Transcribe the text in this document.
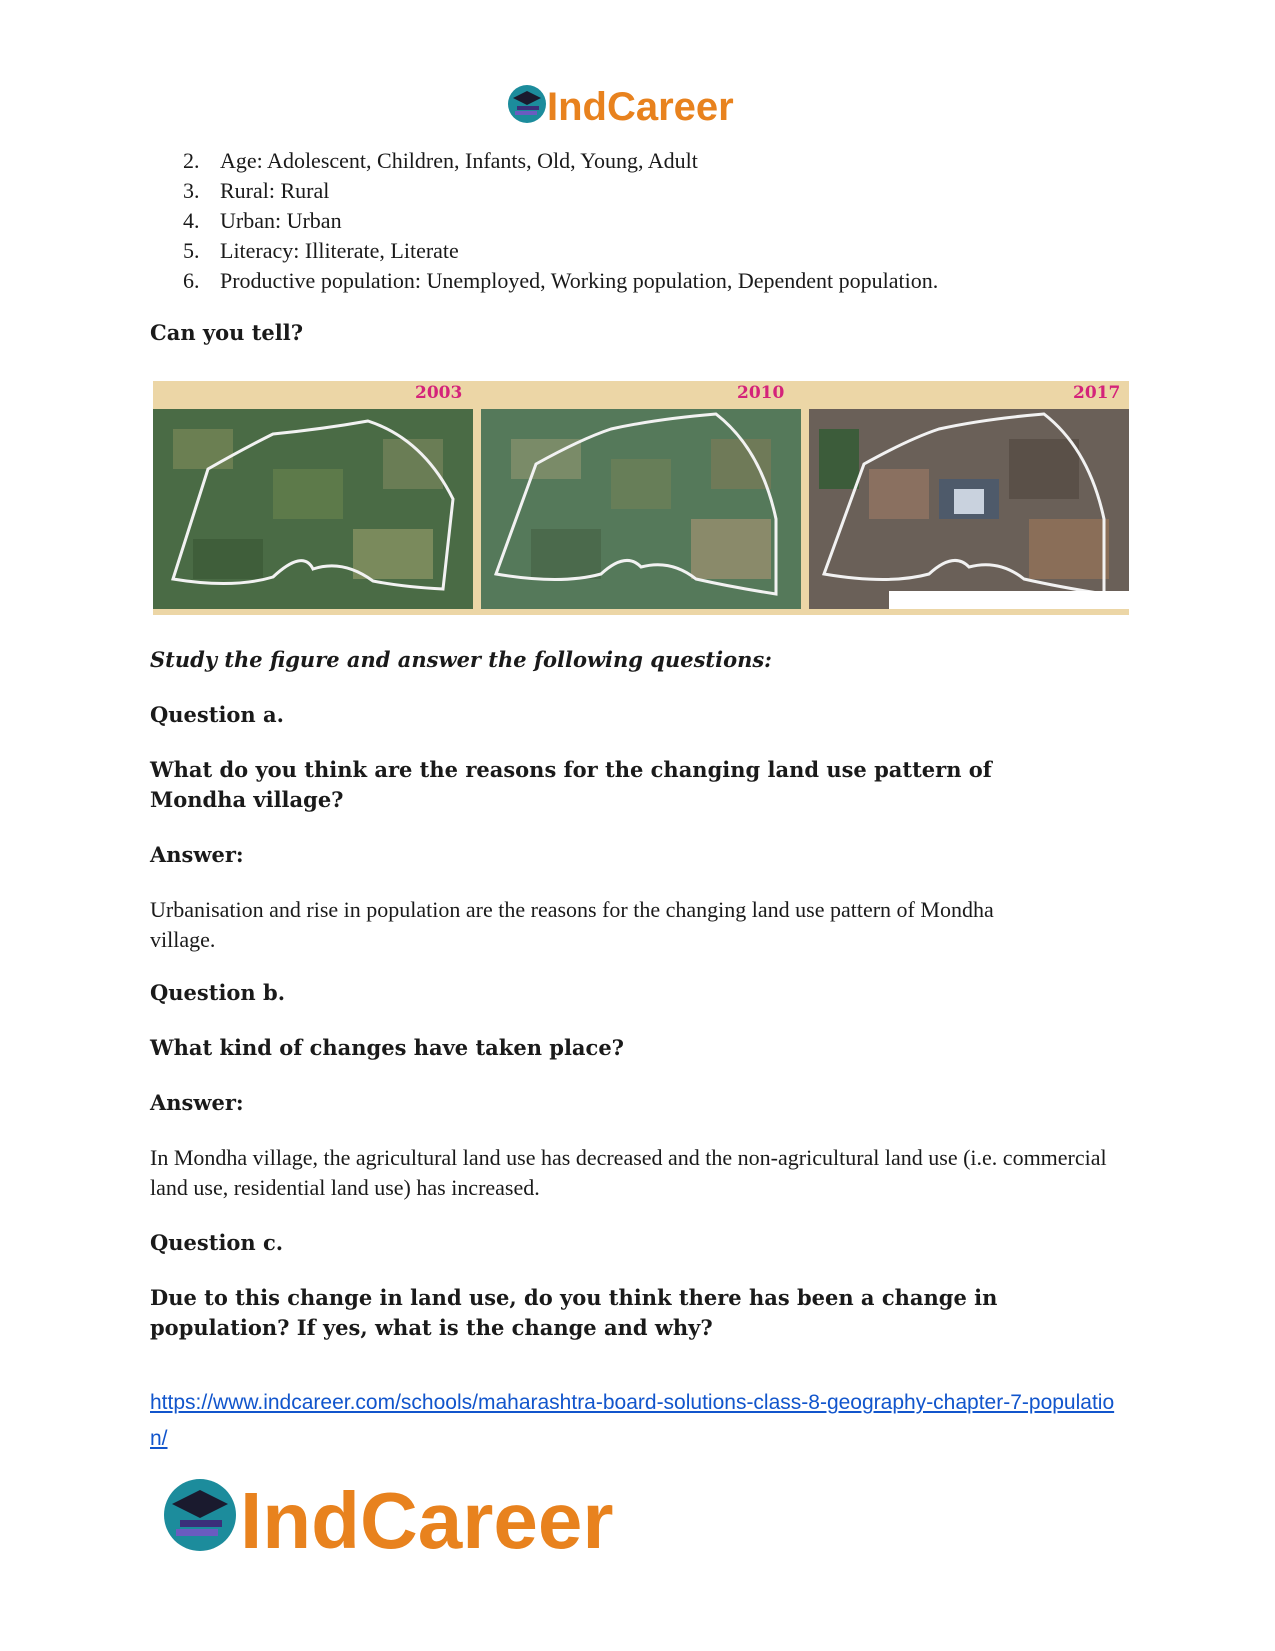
IndCareer
2. Age: Adolescent, Children, Infants, Old, Young, Adult
3. Rural: Rural
4. Urban: Urban
5. Literacy: Illiterate, Literate
6. Productive population: Unemployed, Working population, Dependent population.

Can you tell?

2003	2010	2017

Study the figure and answer the following questions:

Question a.

What do you think are the reasons for the changing land use pattern of Mondha village?

Answer:

Urbanisation and rise in population are the reasons for the changing land use pattern of Mondha village.

Question b.

What kind of changes have taken place?

Answer:

In Mondha village, the agricultural land use has decreased and the non-agricultural land use (i.e. commercial land use, residential land use) has increased.

Question c.

Due to this change in land use, do you think there has been a change in population? If yes, what is the change and why?

https://www.indcareer.com/schools/maharashtra-board-solutions-class-8-geography-chapter-7-population/
IndCareer
